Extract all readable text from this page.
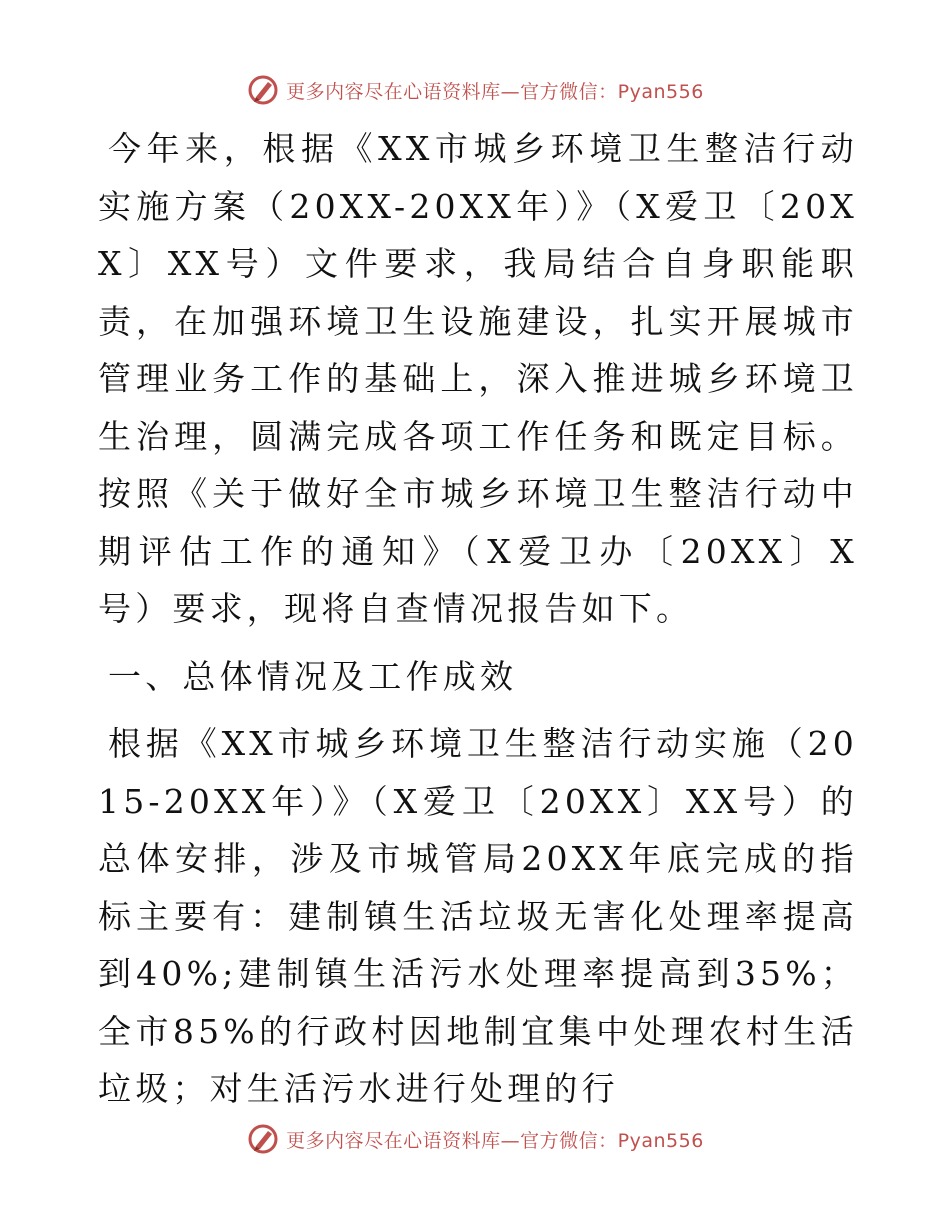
更多内容尽在心语资料库—官方微信：Pyan556

今年来，根据《XX市城乡环境卫生整洁行动实施方案（20XX-20XX年）》（X爱卫〔20XX〕XX号）文件要求，我局结合自身职能职责，在加强环境卫生设施建设，扎实开展城市管理业务工作的基础上，深入推进城乡环境卫生治理，圆满完成各项工作任务和既定目标。按照《关于做好全市城乡环境卫生整洁行动中期评估工作的通知》（X爱卫办〔20XX〕X号）要求，现将自查情况报告如下。

一、总体情况及工作成效

根据《XX市城乡环境卫生整洁行动实施（2015-20XX年）》（X爱卫〔20XX〕XX号）的总体安排，涉及市城管局20XX年底完成的指标主要有：建制镇生活垃圾无害化处理率提高到40%;建制镇生活污水处理率提高到35%；全市85%的行政村因地制宜集中处理农村生活垃圾；对生活污水进行处理的行

更多内容尽在心语资料库—官方微信：Pyan556
